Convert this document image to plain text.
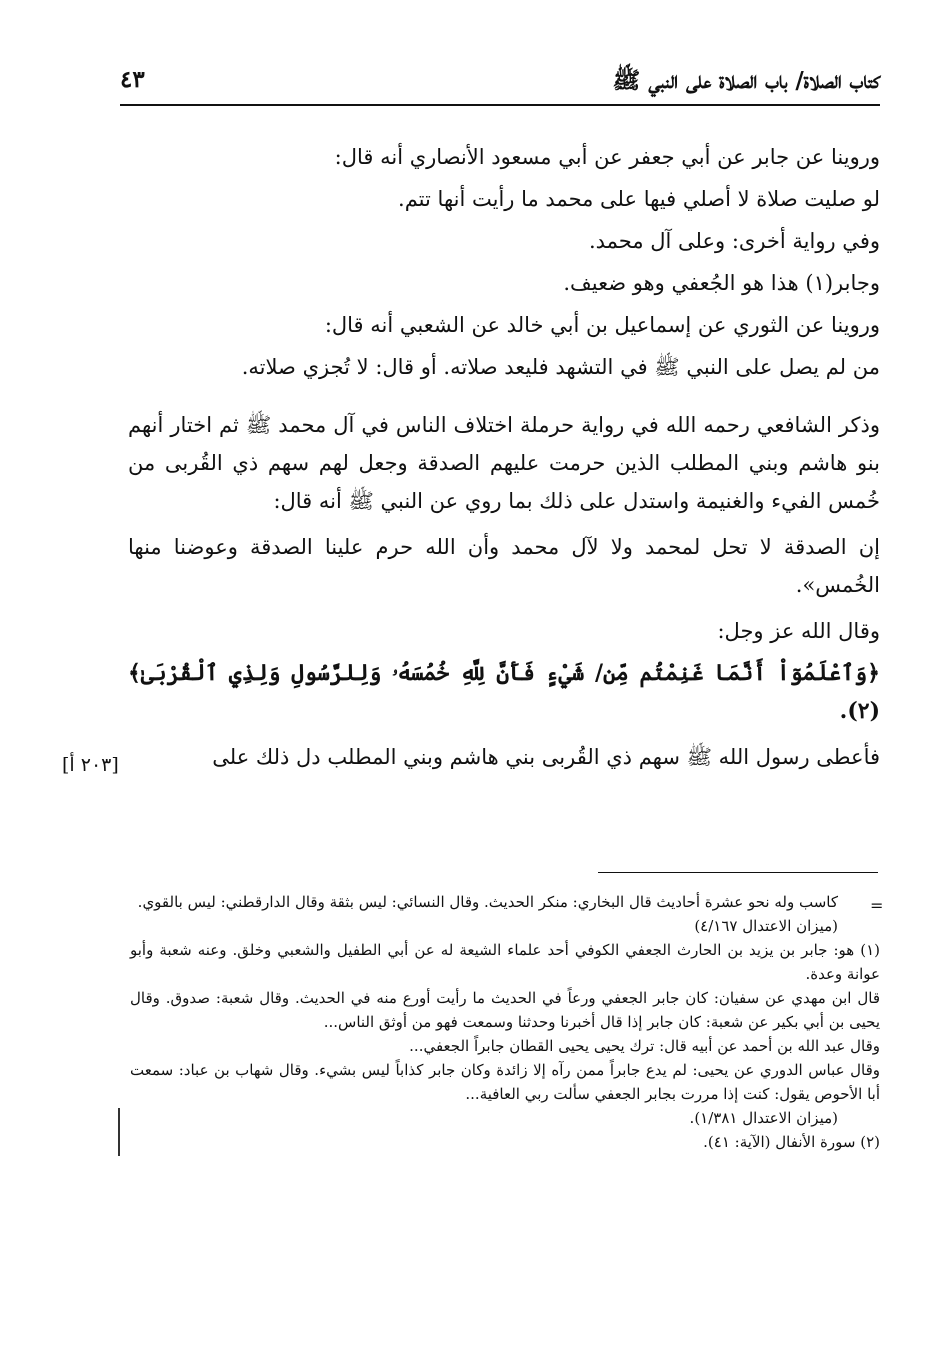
كتاب الصلاة/ باب الصلاة على النبي ﷺ
٤٣

وروينا عن جابر عن أبي جعفر عن أبي مسعود الأنصاري أنه قال:

لو صليت صلاة لا أصلي فيها على محمد ما رأيت أنها تتم.

وفي رواية أخرى: وعلى آل محمد.

وجابر(١) هذا هو الجُعفي وهو ضعيف.

وروينا عن الثوري عن إسماعيل بن أبي خالد عن الشعبي أنه قال:

من لم يصل على النبي ﷺ في التشهد فليعد صلاته. أو قال: لا تُجزي صلاته.

وذكر الشافعي رحمه الله في رواية حرملة اختلاف الناس في آل محمد ﷺ ثم اختار أنهم بنو هاشم وبني المطلب الذين حرمت عليهم الصدقة وجعل لهم سهم ذي القُربى من خُمس الفيء والغنيمة واستدل على ذلك بما روي عن النبي ﷺ أنه قال:

إن الصدقة لا تحل لمحمد ولا لآل محمد وأن الله حرم علينا الصدقة وعوضنا منها الخُمس».

وقال الله عز وجل:

﴿وَٱعْلَمُوٓاْ أَنَّمَا غَنِمْتُم مِّن/ شَيْءٍ فَأَنَّ لِلَّهِ خُمُسَهُۥ وَلِلرَّسُولِ وَلِذِي ٱلْقُرْبَىٰ﴾(٢).

فأعطى رسول الله ﷺ سهم ذي القُربى بني هاشم وبني المطلب دل ذلك على

[٢٠٣ أ]
=

كاسب وله نحو عشرة أحاديث قال البخاري: منكر الحديث. وقال النسائي: ليس بثقة وقال الدارقطني: ليس بالقوي.

(ميزان الاعتدال ٤/١٦٧)

(١) هو: جابر بن يزيد بن الحارث الجعفي الكوفي أحد علماء الشيعة له عن أبي الطفيل والشعبي وخلق. وعنه شعبة وأبو عوانة وعدة.

قال ابن مهدي عن سفيان: كان جابر الجعفي ورعاً في الحديث ما رأيت أورع منه في الحديث. وقال شعبة: صدوق. وقال يحيى بن أبي بكير عن شعبة: كان جابر إذا قال أخبرنا وحدثنا وسمعت فهو من أوثق الناس...

وقال عبد الله بن أحمد عن أبيه قال: ترك يحيى يحيى القطان جابراً الجعفي...

وقال عباس الدوري عن يحيى: لم يدع جابراً ممن رآه إلا زائدة وكان جابر كذاباً ليس بشيء. وقال شهاب بن عباد: سمعت أبا الأحوص يقول: كنت إذا مررت بجابر الجعفي سألت ربي العافية...

(ميزان الاعتدال ١/٣٨١).

(٢) سورة الأنفال (الآية: ٤١).
